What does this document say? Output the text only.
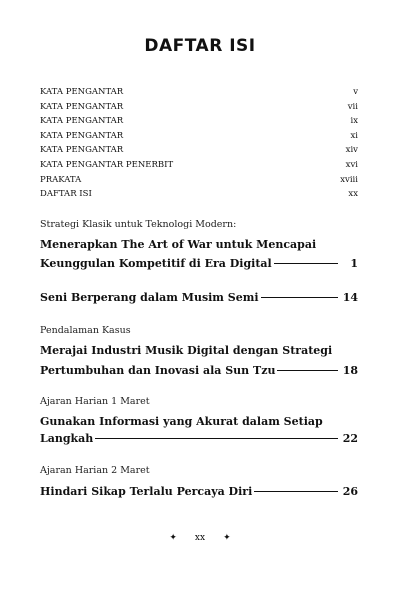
DAFTAR ISI
KATA PENGANTAR	v
KATA PENGANTAR	vii
KATA PENGANTAR	ix
KATA PENGANTAR	xi
KATA PENGANTAR	xiv
KATA PENGANTAR PENERBIT	xvi
PRAKATA	xviii
DAFTAR ISI	xx
Strategi Klasik untuk Teknologi Modern:
Menerapkan The Art of War untuk Mencapai
Keunggulan Kompetitif di Era Digital	1
Seni Berperang dalam Musim Semi	14
Pendalaman Kasus
Merajai Industri Musik Digital dengan Strategi
Pertumbuhan dan Inovasi ala Sun Tzu	18
Ajaran Harian 1 Maret
Gunakan Informasi yang Akurat dalam Setiap
Langkah	22
Ajaran Harian 2 Maret
Hindari Sikap Terlalu Percaya Diri	26
✦ xx ✦
